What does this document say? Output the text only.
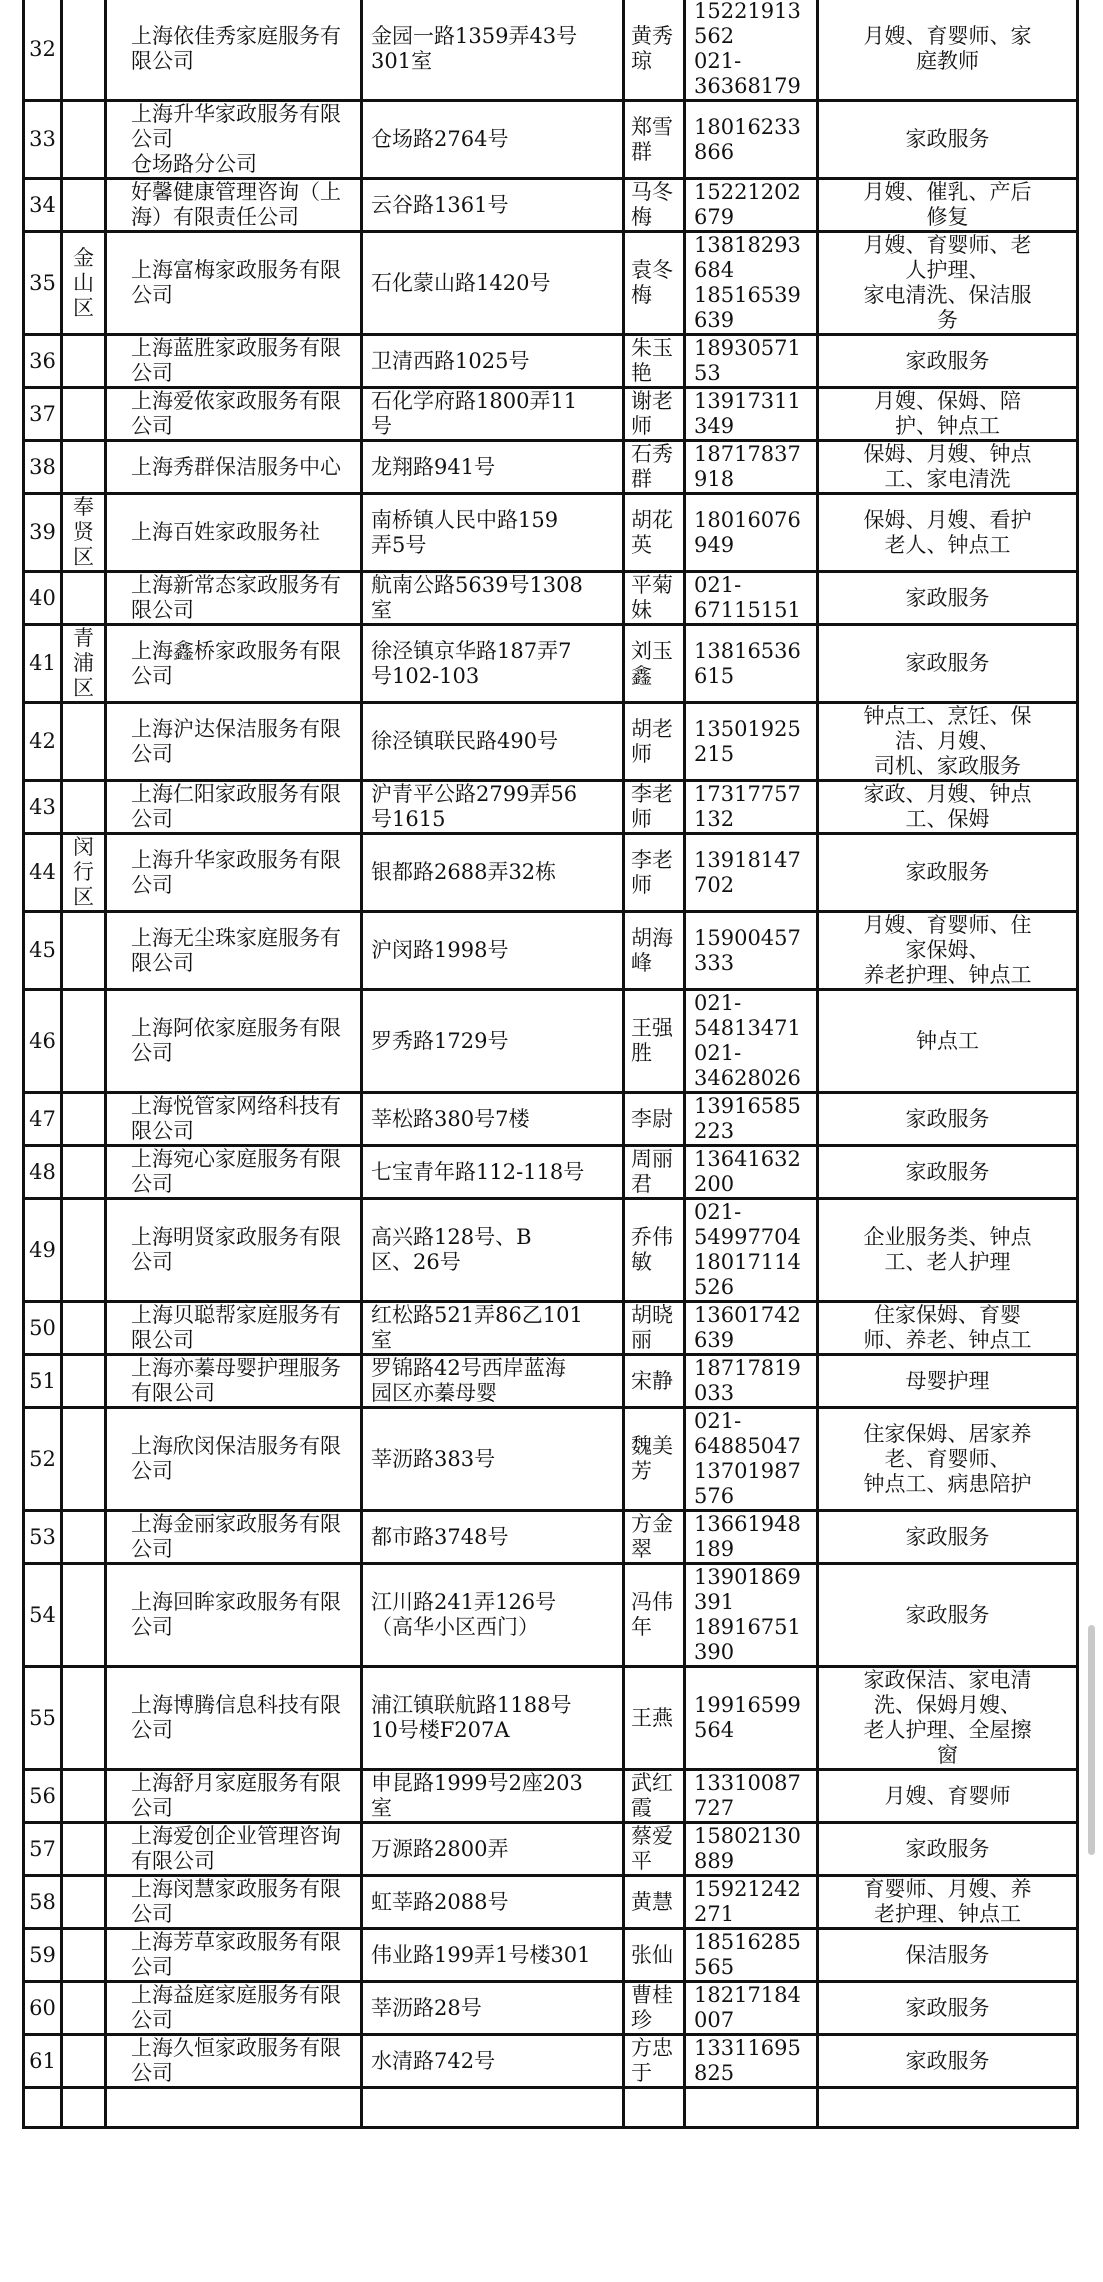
32		上海依佳秀家庭服务有
限公司	金园一路1359弄43号
301室	黄秀
琼	15221913562
021-
36368179	月嫂、育婴师、家
庭教师

33		上海升华家政服务有限
公司
仓场路分公司	仓场路2764号	郑雪
群	18016233866	家政服务

34		好馨健康管理咨询（上
海）有限责任公司	云谷路1361号	马冬
梅	15221202679	月嫂、催乳、产后
修复

35	金山
区	上海富梅家政服务有限
公司	石化蒙山路1420号	袁冬
梅	13818293684
18516539639	月嫂、育婴师、老
人护理、
家电清洗、保洁服
务

36		上海蓝胜家政服务有限
公司	卫清西路1025号	朱玉
艳	1893057153	家政服务

37		上海爱侬家政服务有限
公司	石化学府路1800弄11
号	谢老
师	13917311349	月嫂、保姆、陪
护、钟点工

38		上海秀群保洁服务中心	龙翔路941号	石秀
群	18717837918	保姆、月嫂、钟点
工、家电清洗

39	奉贤
区	上海百姓家政服务社	南桥镇人民中路159
弄5号	胡花
英	18016076949	保姆、月嫂、看护
老人、钟点工

40		上海新常态家政服务有
限公司	航南公路5639号1308
室	平菊
妹	021-
67115151	家政服务

41	青浦
区	上海鑫桥家政服务有限
公司	徐泾镇京华路187弄7
号102-103	刘玉
鑫	13816536615	家政服务

42		上海沪达保洁服务有限
公司	徐泾镇联民路490号	胡老
师	13501925215	钟点工、烹饪、保
洁、月嫂、
司机、家政服务

43		上海仁阳家政服务有限
公司	沪青平公路2799弄56
号1615	李老
师	17317757132	家政、月嫂、钟点
工、保姆

44	闵行
区	上海升华家政服务有限
公司	银都路2688弄32栋	李老
师	13918147702	家政服务

45		上海无尘珠家庭服务有
限公司	沪闵路1998号	胡海
峰	15900457333	月嫂、育婴师、住
家保姆、
养老护理、钟点工

46		上海阿依家庭服务有限
公司	罗秀路1729号	王强
胜	021-
54813471
021-
34628026	钟点工

47		上海悦管家网络科技有
限公司	莘松路380号7楼	李尉	13916585223	家政服务

48		上海宛心家庭服务有限
公司	七宝青年路112-118号	周丽
君	13641632200	家政服务

49		上海明贤家政服务有限
公司	高兴路128号、B
区、26号	乔伟
敏	021-
54997704
18017114526	企业服务类、钟点
工、老人护理

50		上海贝聪帮家庭服务有
限公司	红松路521弄86乙101
室	胡晓
丽	13601742639	住家保姆、育婴
师、养老、钟点工

51		上海亦蓁母婴护理服务
有限公司	罗锦路42号西岸蓝海
园区亦蓁母婴	宋静	18717819033	母婴护理

52		上海欣闵保洁服务有限
公司	莘沥路383号	魏美
芳	021-
64885047
13701987576	住家保姆、居家养
老、育婴师、
钟点工、病患陪护

53		上海金丽家政服务有限
公司	都市路3748号	方金
翠	13661948189	家政服务

54		上海回眸家政服务有限
公司	江川路241弄126号
（高华小区西门）	冯伟
年	13901869391
18916751390	家政服务

55		上海博腾信息科技有限
公司	浦江镇联航路1188号
10号楼F207A	王燕	19916599564	家政保洁、家电清
洗、保姆月嫂、
老人护理、全屋擦
窗

56		上海舒月家庭服务有限
公司	申昆路1999号2座203
室	武红
霞	13310087727	月嫂、育婴师

57		上海爱创企业管理咨询
有限公司	万源路2800弄	蔡爱
平	15802130889	家政服务

58		上海闵慧家政服务有限
公司	虹莘路2088号	黄慧	15921242271	育婴师、月嫂、养
老护理、钟点工

59		上海芳草家政服务有限
公司	伟业路199弄1号楼301	张仙	18516285565	保洁服务

60		上海益庭家庭服务有限
公司	莘沥路28号	曹桂
珍	18217184007	家政服务

61		上海久恒家政服务有限
公司	水清路742号	方忠
于	13311695825	家政服务
